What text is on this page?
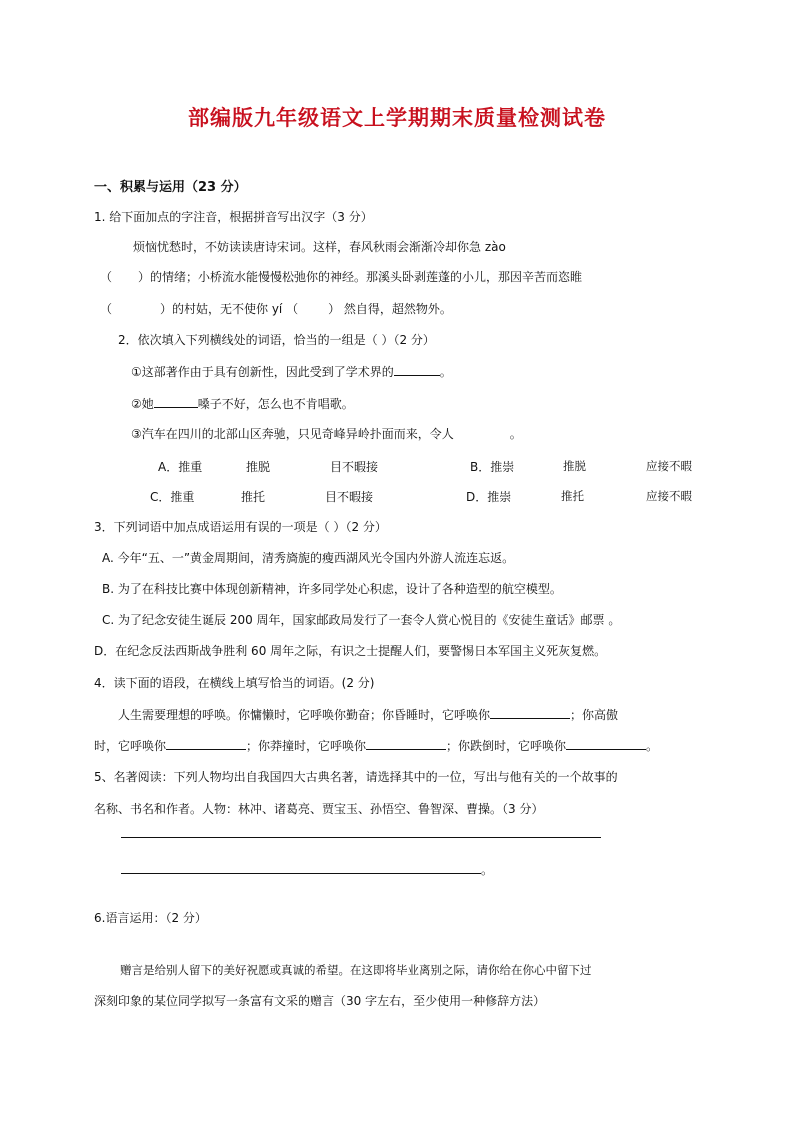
部编版九年级语文上学期期末质量检测试卷
一、积累与运用（23 分）
1. 给下面加点的字注音，根据拼音写出汉字（3 分）
烦恼忧愁时，不妨读读唐诗宋词。这样，春风秋雨会渐渐冷却你急 zào
（ ）的情绪；小桥流水能慢慢松弛你的神经。那溪头卧剥莲蓬的小儿，那因辛苦而恣睢
（	）的村姑，无不使你 yí （	） 然自得，超然物外。
2．依次填入下列横线处的词语，恰当的一组是（ ）（2 分）
①这部著作由于具有创新性，因此受到了学术界的	。
②她	嗓子不好，怎么也不肯唱歌。
③汽车在四川的北部山区奔驰，只见奇峰异岭扑面而来，令人	。
A．推重	推脱	目不暇接	B．推崇	推脱	应接不暇
C．推重	推托	目不暇接	D．推崇	推托	应接不暇
3．下列词语中加点成语运用有误的一项是（ ）（2 分）
A. 今年“五、一”黄金周期间，清秀旖旎的瘦西湖风光令国内外游人流连忘返。
B. 为了在科技比赛中体现创新精神，许多同学处心积虑，设计了各种造型的航空模型。
C. 为了纪念安徒生诞辰 200 周年，国家邮政局发行了一套令人赏心悦目的《安徒生童话》邮票 。
D．在纪念反法西斯战争胜利 60 周年之际，有识之士提醒人们，要警惕日本军国主义死灰复燃。
4．读下面的语段，在横线上填写恰当的词语。(2 分)
人生需要理想的呼唤。你慵懒时，它呼唤你勤奋；你昏睡时，它呼唤你	；你高傲
时，它呼唤你	；你莽撞时，它呼唤你	；你跌倒时，它呼唤你	。
5、名著阅读：下列人物均出自我国四大古典名著，请选择其中的一位，写出与他有关的一个故事的
名称、书名和作者。人物：林冲、诸葛亮、贾宝玉、孙悟空、鲁智深、曹操。（3 分）
。
6.语言运用：（2 分）
赠言是给别人留下的美好祝愿或真诚的希望。在这即将毕业离别之际，请你给在你心中留下过
深刻印象的某位同学拟写一条富有文采的赠言（30 字左右，至少使用一种修辞方法）
